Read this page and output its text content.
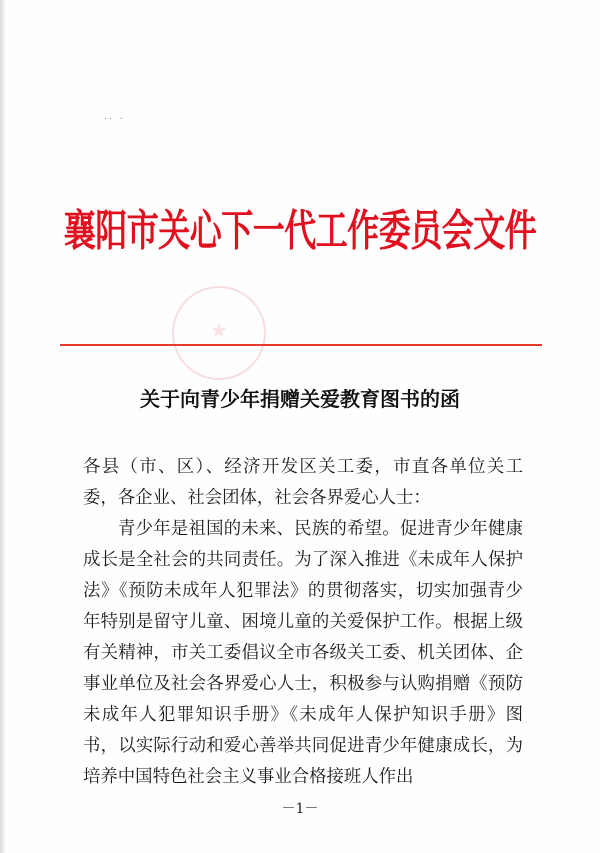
·· ·
襄阳市关心下一代工作委员会文件
★
关于向青少年捐赠关爱教育图书的函
各县（市、区）、经济开发区关工委，市直各单位关工委，各企业、社会团体，社会各界爱心人士：
青少年是祖国的未来、民族的希望。促进青少年健康成长是全社会的共同责任。为了深入推进《未成年人保护法》《预防未成年人犯罪法》的贯彻落实，切实加强青少年特别是留守儿童、困境儿童的关爱保护工作。根据上级有关精神，市关工委倡议全市各级关工委、机关团体、企事业单位及社会各界爱心人士，积极参与认购捐赠《预防未成年人犯罪知识手册》《未成年人保护知识手册》图书，以实际行动和爱心善举共同促进青少年健康成长，为培养中国特色社会主义事业合格接班人作出
－1－
